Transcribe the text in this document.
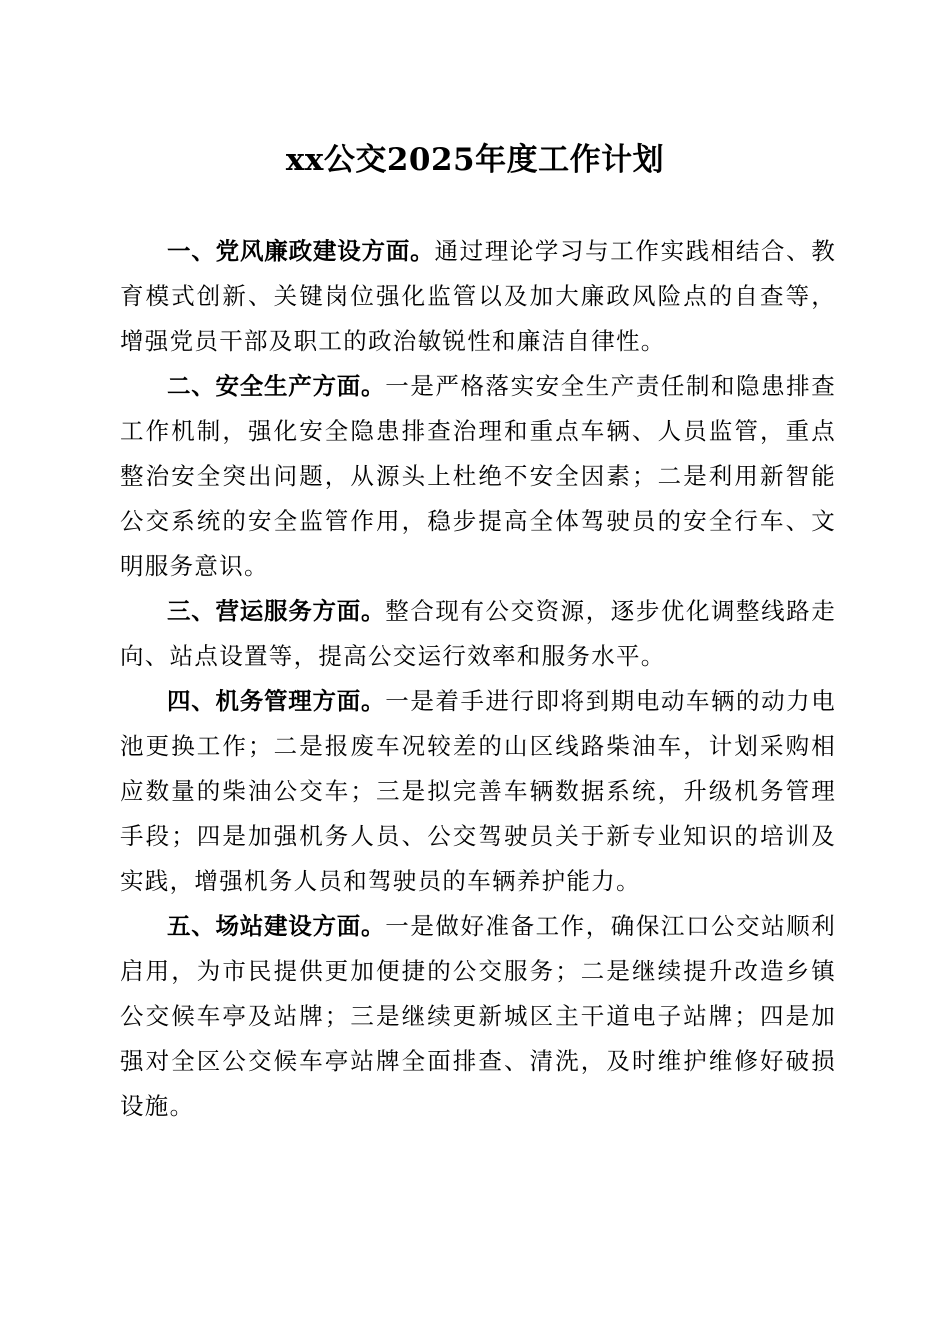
xx公交2025年度工作计划

一、党风廉政建设方面。通过理论学习与工作实践相结合、教育模式创新、关键岗位强化监管以及加大廉政风险点的自查等，增强党员干部及职工的政治敏锐性和廉洁自律性。

二、安全生产方面。一是严格落实安全生产责任制和隐患排查工作机制，强化安全隐患排查治理和重点车辆、人员监管，重点整治安全突出问题，从源头上杜绝不安全因素；二是利用新智能公交系统的安全监管作用，稳步提高全体驾驶员的安全行车、文明服务意识。

三、营运服务方面。整合现有公交资源，逐步优化调整线路走向、站点设置等，提高公交运行效率和服务水平。

四、机务管理方面。一是着手进行即将到期电动车辆的动力电池更换工作；二是报废车况较差的山区线路柴油车，计划采购相应数量的柴油公交车；三是拟完善车辆数据系统，升级机务管理手段；四是加强机务人员、公交驾驶员关于新专业知识的培训及实践，增强机务人员和驾驶员的车辆养护能力。

五、场站建设方面。一是做好准备工作，确保江口公交站顺利启用，为市民提供更加便捷的公交服务；二是继续提升改造乡镇公交候车亭及站牌；三是继续更新城区主干道电子站牌；四是加强对全区公交候车亭站牌全面排查、清洗，及时维护维修好破损设施。
